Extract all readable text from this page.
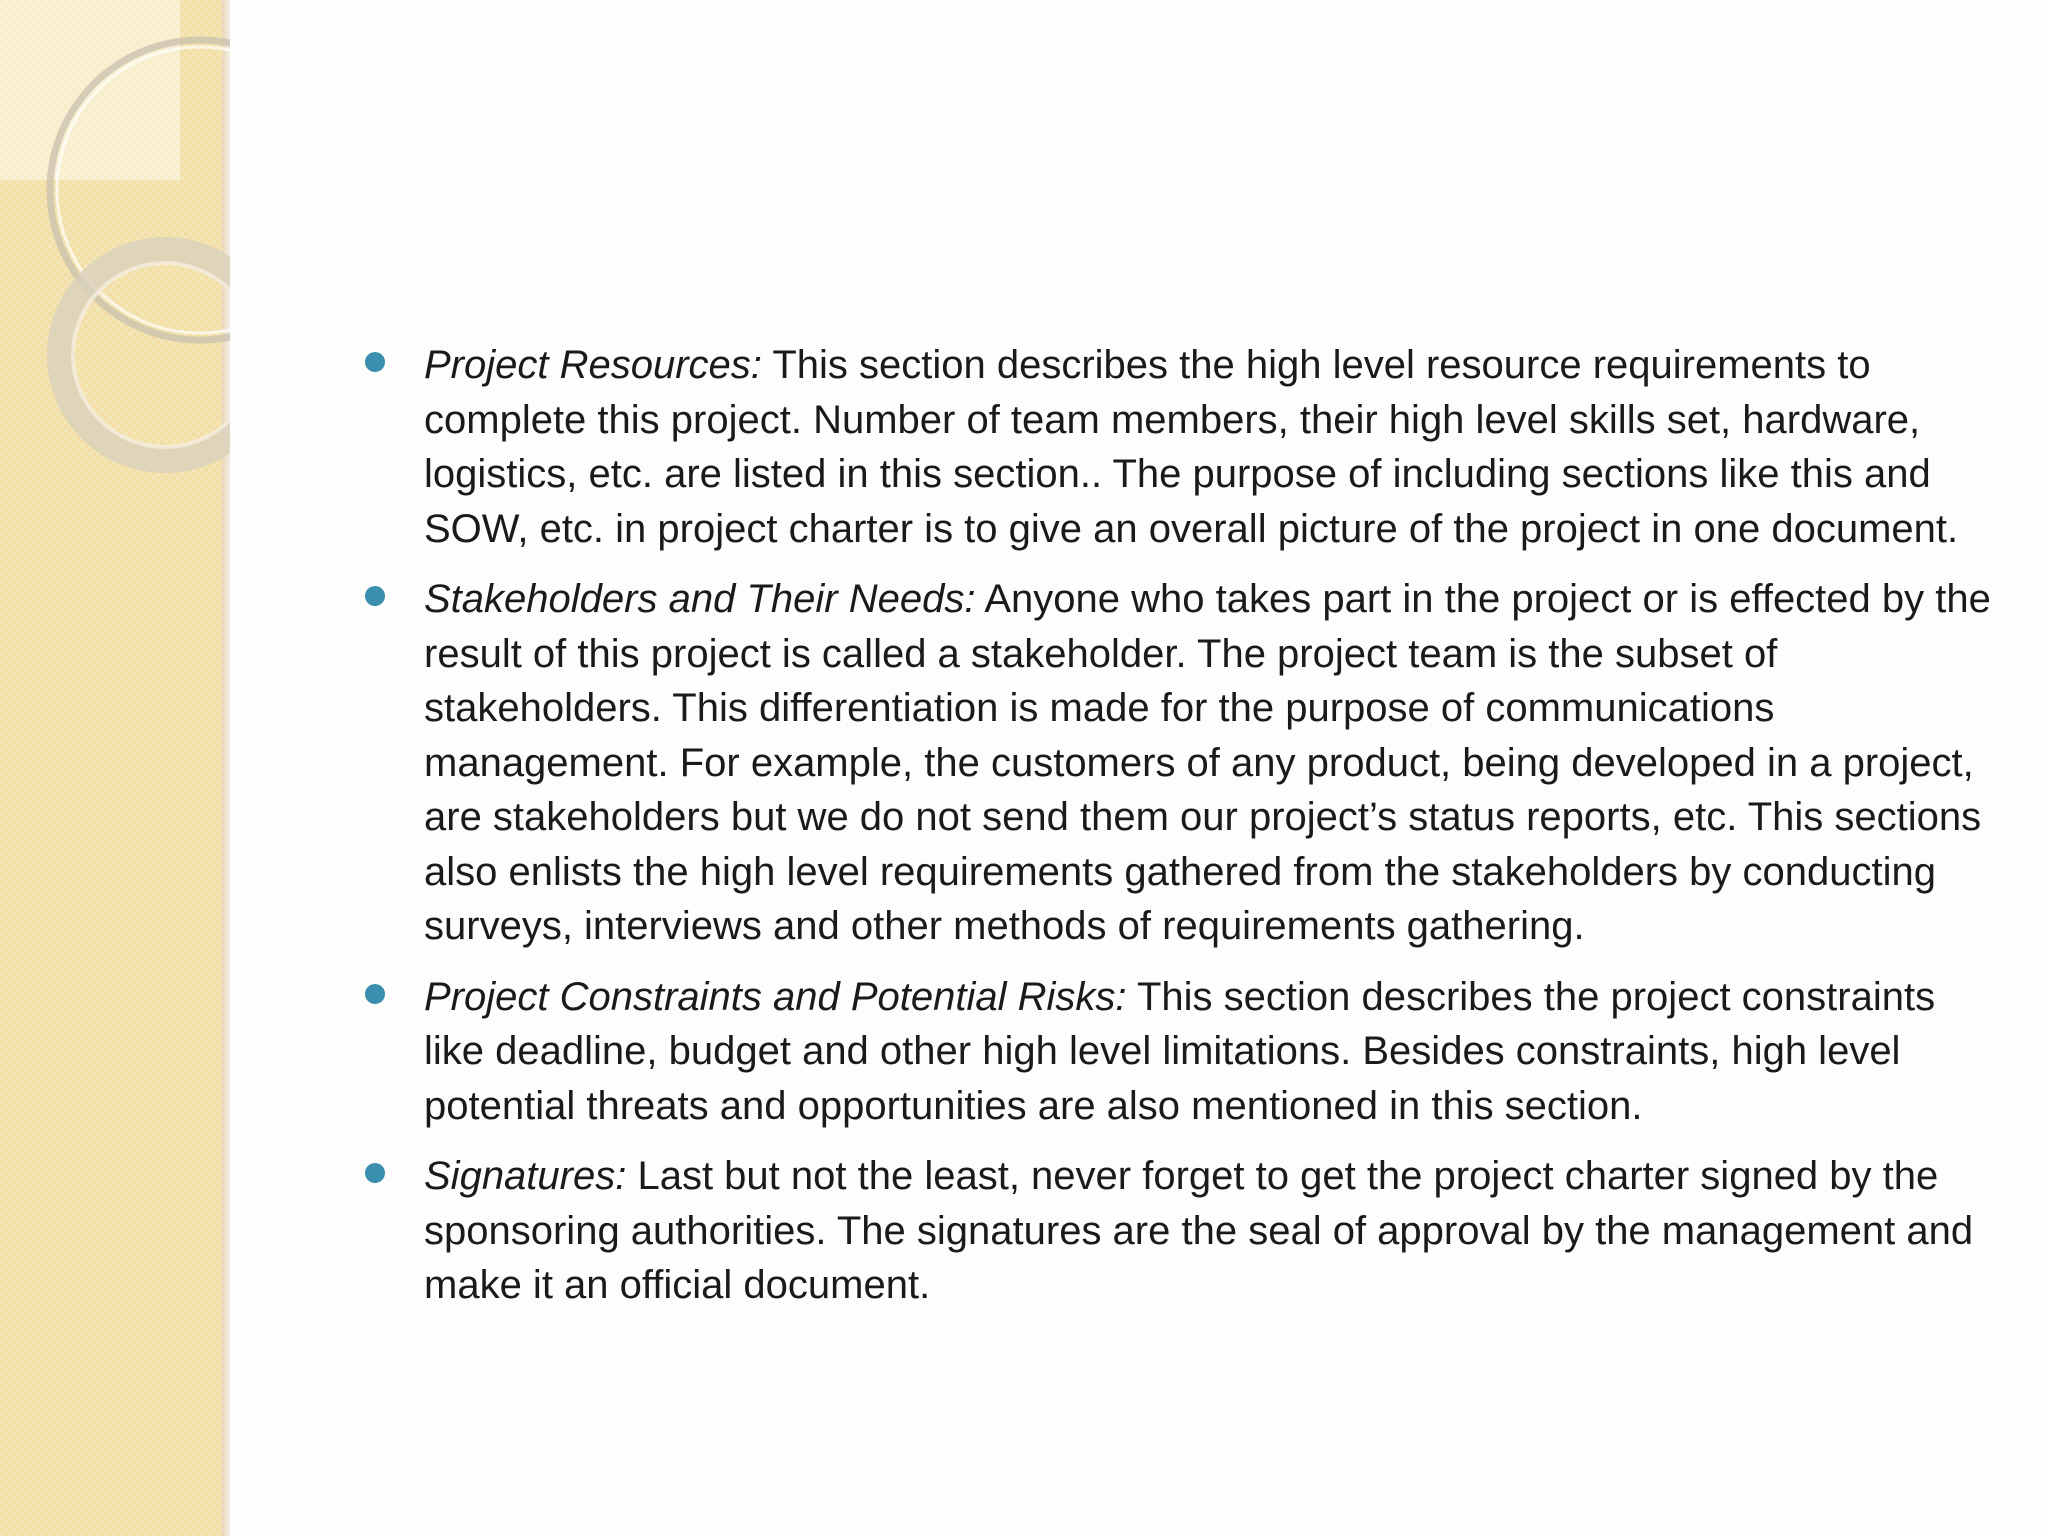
Project Resources: This section describes the high level resource requirements to complete this project. Number of team members, their high level skills set, hardware, logistics, etc. are listed in this section.. The purpose of including sections like this and SOW, etc. in project charter is to give an overall picture of the project in one document.
Stakeholders and Their Needs: Anyone who takes part in the project or is effected by the result of this project is called a stakeholder. The project team is the subset of stakeholders. This differentiation is made for the purpose of communications management. For example, the customers of any product, being developed in a project, are stakeholders but we do not send them our project’s status reports, etc. This sections also enlists the high level requirements gathered from the stakeholders by conducting surveys, interviews and other methods of requirements gathering.
Project Constraints and Potential Risks: This section describes the project constraints like deadline, budget and other high level limitations. Besides constraints, high level potential threats and opportunities are also mentioned in this section.
Signatures: Last but not the least, never forget to get the project charter signed by the sponsoring authorities. The signatures are the seal of approval by the management and make it an official document.
